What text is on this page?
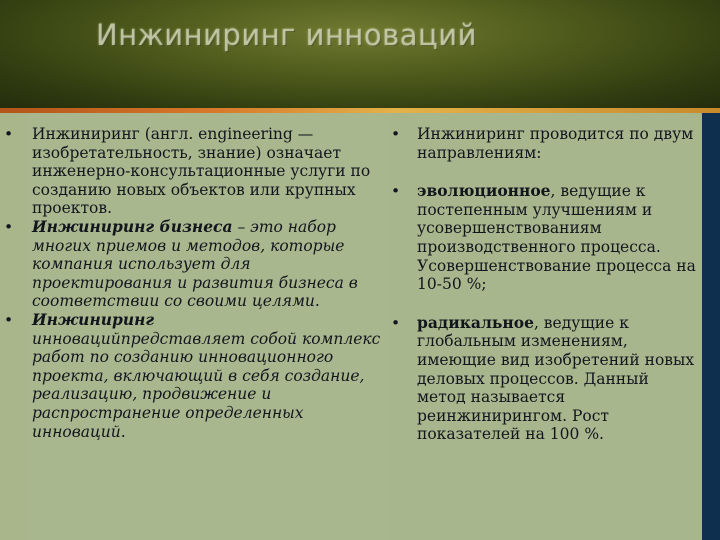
Инжиниринг инноваций
• Инжиниринг (англ. engineering — изобретательность, знание) означает инженерно-консультационные услуги по созданию новых объектов или крупных проектов.
• Инжиниринг бизнеса – это набор многих приемов и методов, которые компания использует для проектирования и развития бизнеса в соответствии со своими целями.
• Инжиниринг
инновацийпредставляет собой комплекс работ по созданию инновационного проекта, включающий в себя создание, реализацию, продвижение и распространение определенных инноваций.
• Инжиниринг проводится по двум направлениям:
• эволюционное, ведущие к постепенным улучшениям и усовершенствованиям производственного процесса. Усовершенствование процесса на 10-50 %;
• радикальное, ведущие к глобальным изменениям, имеющие вид изобретений новых деловых процессов. Данный метод называется реинжинирингом. Рост показателей на 100 %.
